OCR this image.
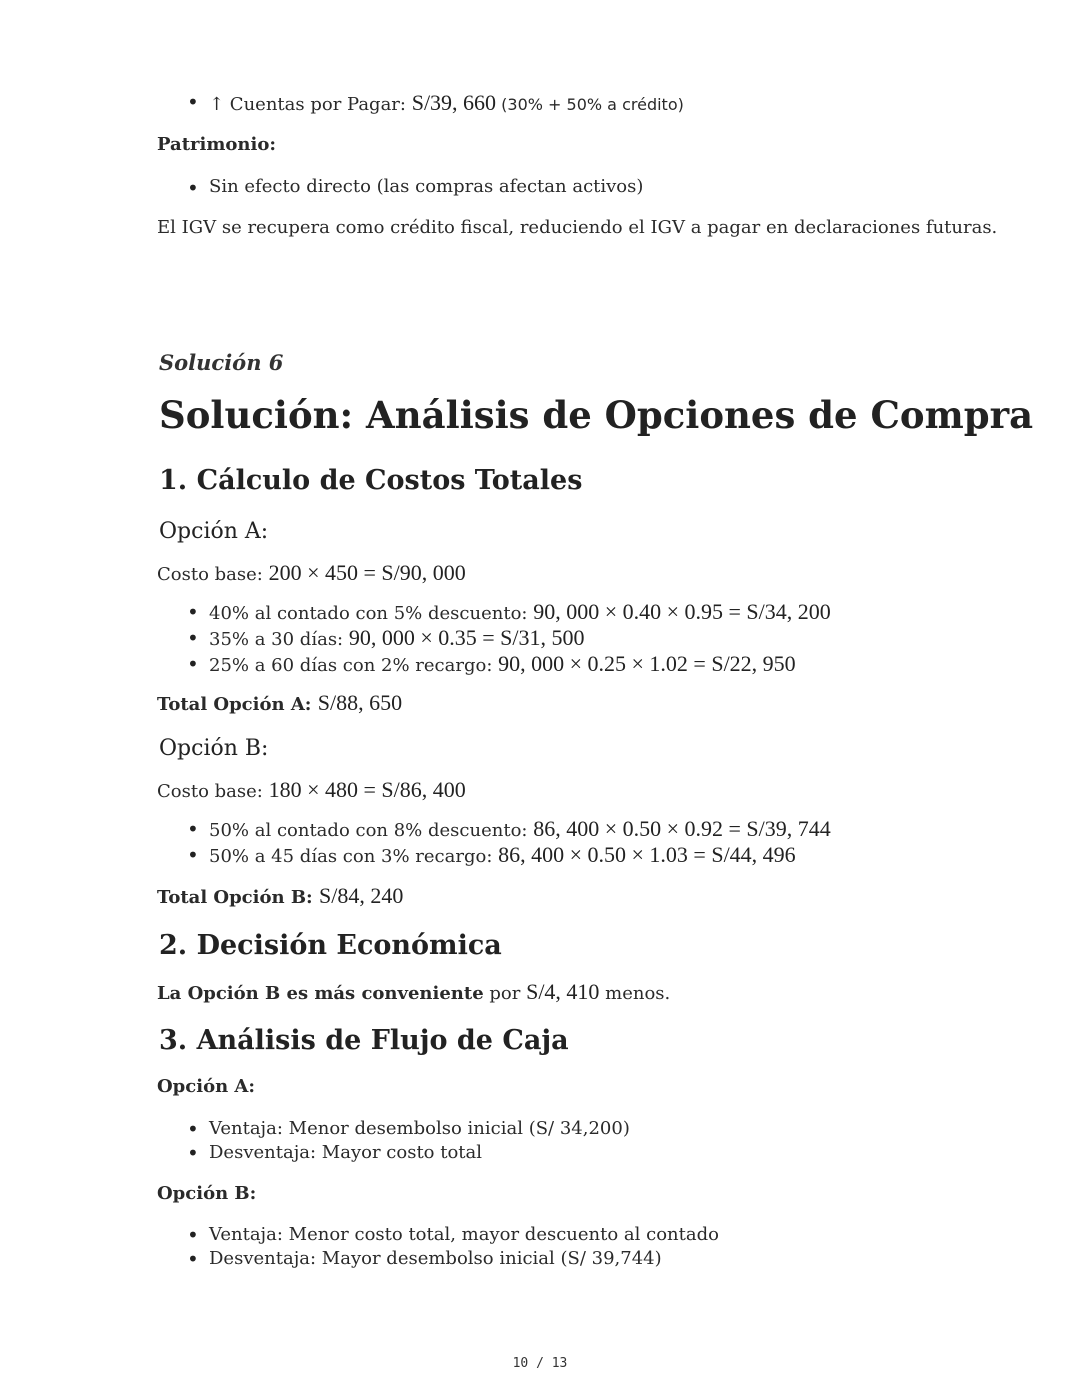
• ↑ Cuentas por Pagar: S/39, 660 (30% + 50% a crédito)
Patrimonio:
• Sin efecto directo (las compras afectan activos)
El IGV se recupera como crédito fiscal, reduciendo el IGV a pagar en declaraciones futuras.
Solución 6
Solución: Análisis de Opciones de Compra
1. Cálculo de Costos Totales
Opción A:
Costo base: 200 × 450 = S/90, 000
• 40% al contado con 5% descuento: 90, 000 × 0.40 × 0.95 = S/34, 200
• 35% a 30 días: 90, 000 × 0.35 = S/31, 500
• 25% a 60 días con 2% recargo: 90, 000 × 0.25 × 1.02 = S/22, 950
Total Opción A: S/88, 650
Opción B:
Costo base: 180 × 480 = S/86, 400
• 50% al contado con 8% descuento: 86, 400 × 0.50 × 0.92 = S/39, 744
• 50% a 45 días con 3% recargo: 86, 400 × 0.50 × 1.03 = S/44, 496
Total Opción B: S/84, 240
2. Decisión Económica
La Opción B es más conveniente por S/4, 410 menos.
3. Análisis de Flujo de Caja
Opción A:
• Ventaja: Menor desembolso inicial (S/ 34,200)
• Desventaja: Mayor costo total
Opción B:
• Ventaja: Menor costo total, mayor descuento al contado
• Desventaja: Mayor desembolso inicial (S/ 39,744)
10 / 13
